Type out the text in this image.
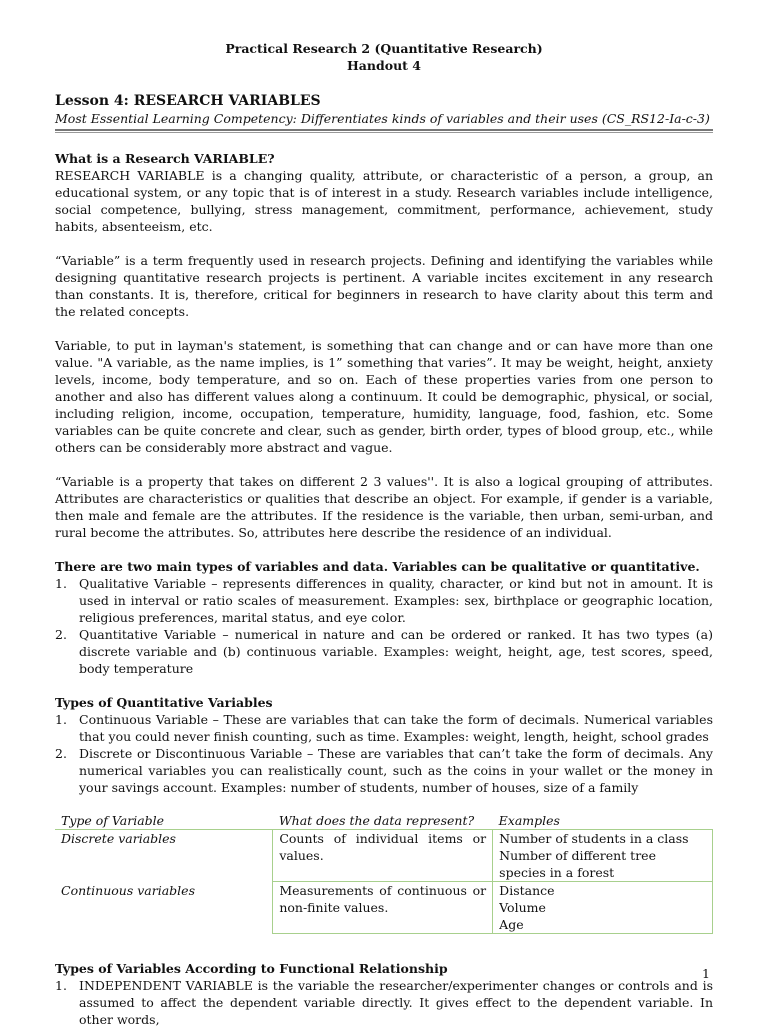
Practical Research 2 (Quantitative Research)
Handout 4
Lesson 4: RESEARCH VARIABLES
Most Essential Learning Competency: Differentiates kinds of variables and their uses (CS_RS12-Ia-c-3)
What is a Research VARIABLE?

RESEARCH VARIABLE is a changing quality, attribute, or characteristic of a person, a group, an educational system, or any topic that is of interest in a study. Research variables include intelligence, social competence, bullying, stress management, commitment, performance, achievement, study habits, absenteeism, etc.

“Variable” is a term frequently used in research projects. Defining and identifying the variables while designing quantitative research projects is pertinent. A variable incites excitement in any research than constants. It is, therefore, critical for beginners in research to have clarity about this term and the related concepts.

Variable, to put in layman's statement, is something that can change and or can have more than one value. "A variable, as the name implies, is 1” something that varies”. It may be weight, height, anxiety levels, income, body temperature, and so on. Each of these properties varies from one person to another and also has different values along a continuum. It could be demographic, physical, or social, including religion, income, occupation, temperature, humidity, language, food, fashion, etc. Some variables can be quite concrete and clear, such as gender, birth order, types of blood group, etc., while others can be considerably more abstract and vague.

“Variable is a property that takes on different 2 3 values''. It is also a logical grouping of attributes. Attributes are characteristics or qualities that describe an object. For example, if gender is a variable, then male and female are the attributes. If the residence is the variable, then urban, semi-urban, and rural become the attributes. So, attributes here describe the residence of an individual.

There are two main types of variables and data. Variables can be qualitative or quantitative.
1. Qualitative Variable – represents differences in quality, character, or kind but not in amount. It is used in interval or ratio scales of measurement. Examples: sex, birthplace or geographic location, religious preferences, marital status, and eye color.
2. Quantitative Variable – numerical in nature and can be ordered or ranked. It has two types (a) discrete variable and (b) continuous variable. Examples: weight, height, age, test scores, speed, body temperature
Types of Quantitative Variables
1. Continuous Variable – These are variables that can take the form of decimals. Numerical variables that you could never finish counting, such as time. Examples: weight, length, height, school grades
2. Discrete or Discontinuous Variable – These are variables that can’t take the form of decimals. Any numerical variables you can realistically count, such as the coins in your wallet or the money in your savings account. Examples: number of students, number of houses, size of a family
Type of Variable	What does the data represent?	Examples
Discrete variables	Counts of individual items or values.	Number of students in a class
Number of different tree species in a forest

Continuous variables	Measurements of continuous or non-finite values.	Distance
Volume
Age
Types of Variables According to Functional Relationship
1. INDEPENDENT VARIABLE is the variable the researcher/experimenter changes or controls and is assumed to affect the dependent variable directly. It gives effect to the dependent variable. In other words,
1
